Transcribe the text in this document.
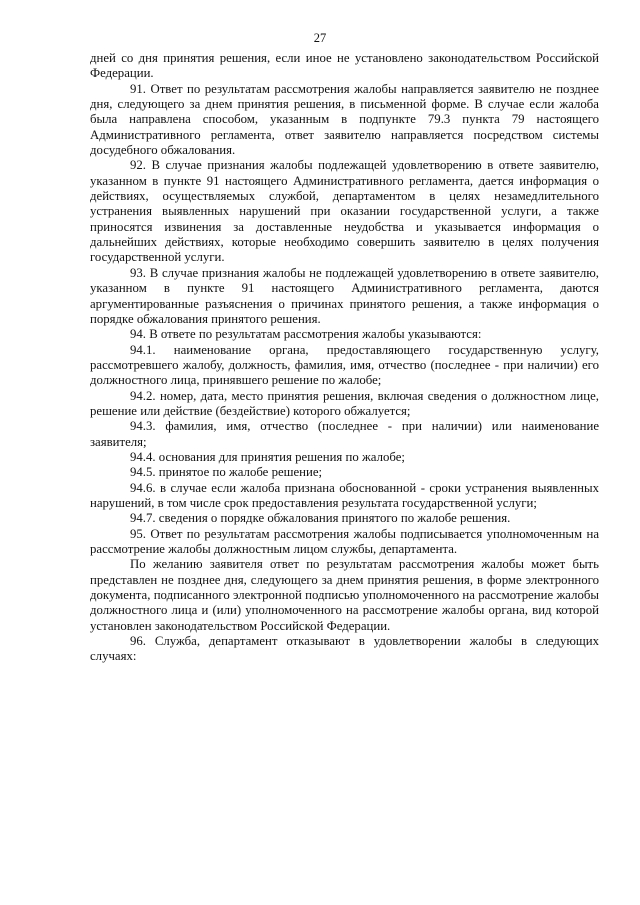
27

дней со дня принятия решения, если иное не установлено законодательством Российской Федерации.

91. Ответ по результатам рассмотрения жалобы направляется заявителю не позднее дня, следующего за днем принятия решения, в письменной форме. В случае если жалоба была направлена способом, указанным в подпункте 79.3 пункта 79 настоящего Административного регламента, ответ заявителю направляется посредством системы досудебного обжалования.

92. В случае признания жалобы подлежащей удовлетворению в ответе заявителю, указанном в пункте 91 настоящего Административного регламента, дается информация о действиях, осуществляемых службой, департаментом в целях незамедлительного устранения выявленных нарушений при оказании государственной услуги, а также приносятся извинения за доставленные неудобства и указывается информация о дальнейших действиях, которые необходимо совершить заявителю в целях получения государственной услуги.

93. В случае признания жалобы не подлежащей удовлетворению в ответе заявителю, указанном в пункте 91 настоящего Административного регламента, даются аргументированные разъяснения о причинах принятого решения, а также информация о порядке обжалования принятого решения.

94. В ответе по результатам рассмотрения жалобы указываются:

94.1. наименование органа, предоставляющего государственную услугу, рассмотревшего жалобу, должность, фамилия, имя, отчество (последнее - при наличии) его должностного лица, принявшего решение по жалобе;

94.2. номер, дата, место принятия решения, включая сведения о должностном лице, решение или действие (бездействие) которого обжалуется;

94.3. фамилия, имя, отчество (последнее - при наличии) или наименование заявителя;

94.4. основания для принятия решения по жалобе;

94.5. принятое по жалобе решение;

94.6. в случае если жалоба признана обоснованной - сроки устранения выявленных нарушений, в том числе срок предоставления результата государственной услуги;

94.7. сведения о порядке обжалования принятого по жалобе решения.

95. Ответ по результатам рассмотрения жалобы подписывается уполномоченным на рассмотрение жалобы должностным лицом службы, департамента.

По желанию заявителя ответ по результатам рассмотрения жалобы может быть представлен не позднее дня, следующего за днем принятия решения, в форме электронного документа, подписанного электронной подписью уполномоченного на рассмотрение жалобы должностного лица и (или) уполномоченного на рассмотрение жалобы органа, вид которой установлен законодательством Российской Федерации.

96. Служба, департамент отказывают в удовлетворении жалобы в следующих случаях:
